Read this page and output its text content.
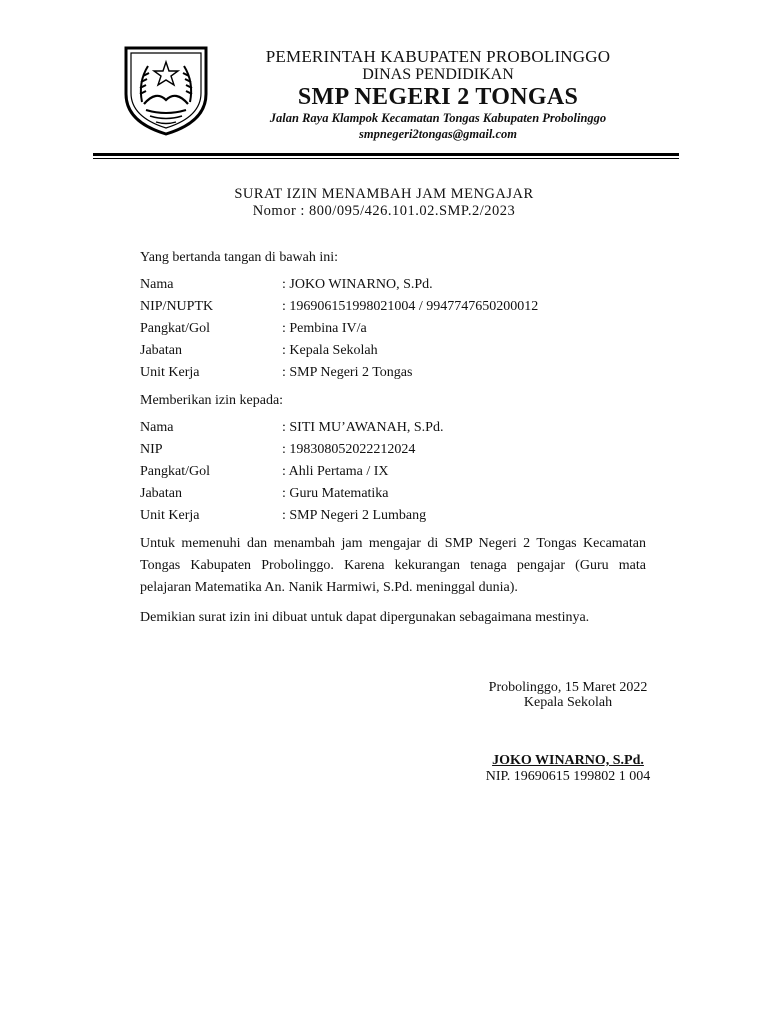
PEMERINTAH KABUPATEN PROBOLINGGO
DINAS PENDIDIKAN
SMP NEGERI 2 TONGAS
Jalan Raya Klampok Kecamatan Tongas Kabupaten Probolinggo
smpnegeri2tongas@gmail.com
SURAT IZIN MENAMBAH JAM MENGAJAR
Nomor : 800/095/426.101.02.SMP.2/2023
Yang bertanda tangan di bawah ini:
Nama	: JOKO WINARNO, S.Pd.
NIP/NUPTK	: 196906151998021004 / 9947747650200012
Pangkat/Gol	: Pembina IV/a
Jabatan	: Kepala Sekolah
Unit Kerja	: SMP Negeri 2 Tongas
Memberikan izin kepada:
Nama	: SITI MU’AWANAH, S.Pd.
NIP	: 198308052022212024
Pangkat/Gol	: Ahli Pertama / IX
Jabatan	: Guru Matematika
Unit Kerja	: SMP Negeri 2 Lumbang
Untuk memenuhi dan menambah jam mengajar di SMP Negeri 2 Tongas Kecamatan Tongas Kabupaten Probolinggo. Karena kekurangan tenaga pengajar (Guru mata pelajaran Matematika An. Nanik Harmiwi, S.Pd. meninggal dunia).
Demikian surat izin ini dibuat untuk dapat dipergunakan sebagaimana mestinya.
Probolinggo, 15 Maret 2022
Kepala Sekolah
JOKO WINARNO, S.Pd.
NIP. 19690615 199802 1 004
